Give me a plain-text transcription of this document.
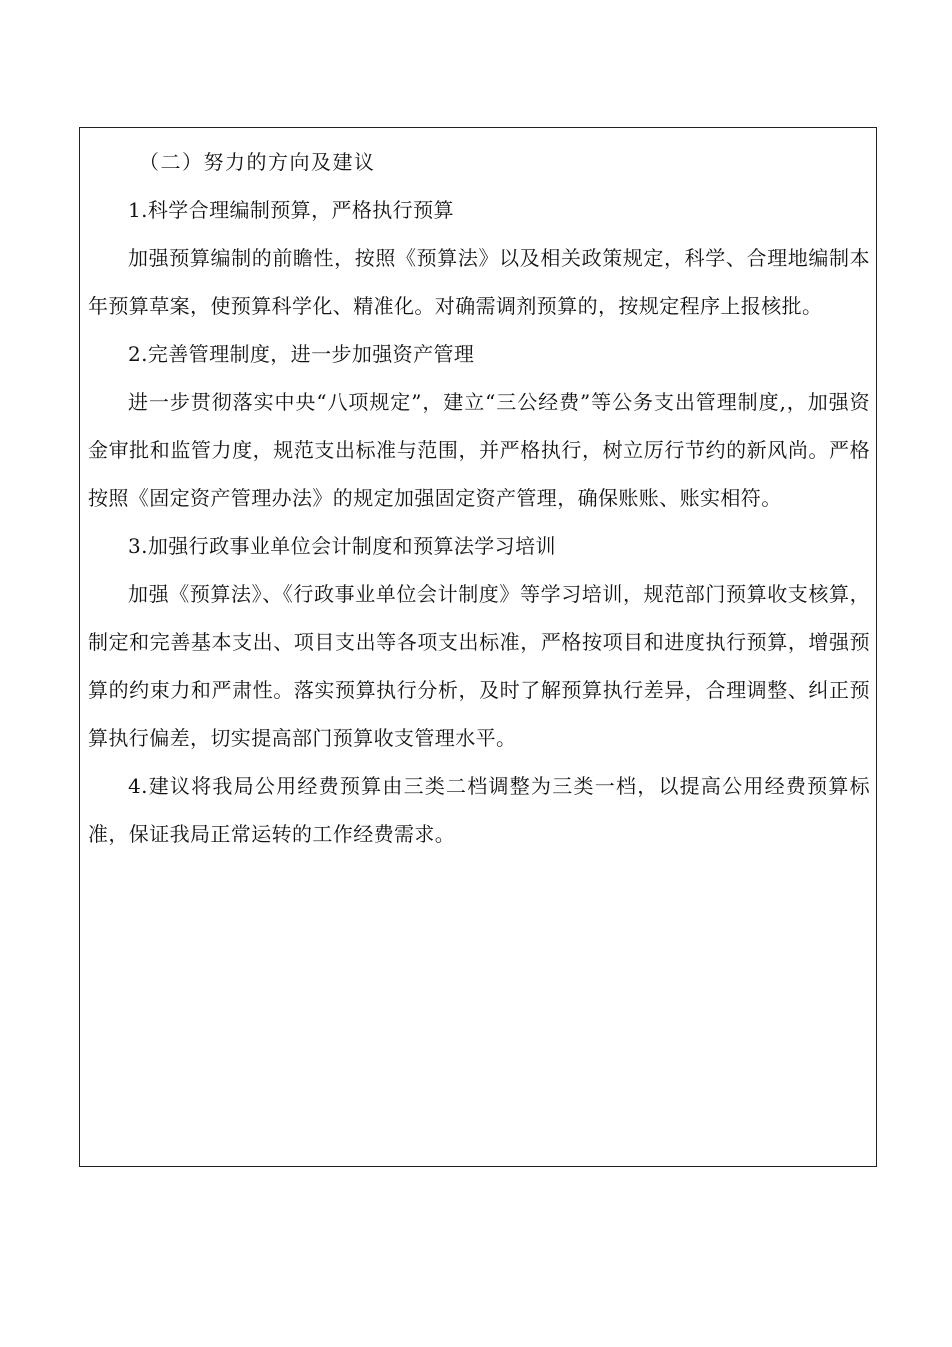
（二）努力的方向及建议

1.科学合理编制预算，严格执行预算

加强预算编制的前瞻性，按照《预算法》以及相关政策规定，科学、合理地编制本年预算草案，使预算科学化、精准化。对确需调剂预算的，按规定程序上报核批。

2.完善管理制度，进一步加强资产管理

进一步贯彻落实中央“八项规定”，建立“三公经费”等公务支出管理制度,，加强资金审批和监管力度，规范支出标准与范围，并严格执行，树立厉行节约的新风尚。严格按照《固定资产管理办法》的规定加强固定资产管理，确保账账、账实相符。

3.加强行政事业单位会计制度和预算法学习培训

加强《预算法》、《行政事业单位会计制度》等学习培训，规范部门预算收支核算，制定和完善基本支出、项目支出等各项支出标准，严格按项目和进度执行预算，增强预算的约束力和严肃性。落实预算执行分析，及时了解预算执行差异，合理调整、纠正预算执行偏差，切实提高部门预算收支管理水平。

4.建议将我局公用经费预算由三类二档调整为三类一档，以提高公用经费预算标准，保证我局正常运转的工作经费需求。
